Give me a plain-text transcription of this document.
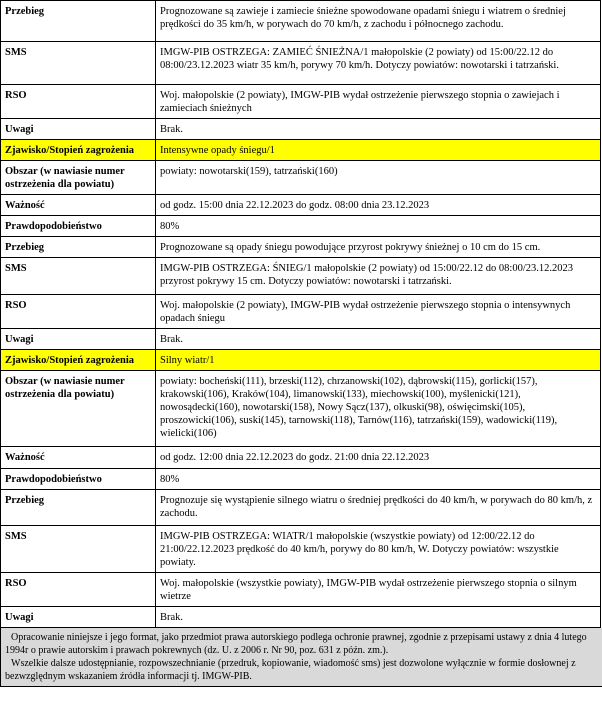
Przebieg	Prognozowane są zawieje i zamiecie śnieżne spowodowane opadami śniegu i wiatrem o średniej prędkości do 35 km/h, w porywach do 70 km/h, z zachodu i północnego zachodu.
SMS	IMGW-PIB OSTRZEGA: ZAMIEĆ ŚNIEŻNA/1 małopolskie (2 powiaty) od 15:00/22.12 do 08:00/23.12.2023 wiatr 35 km/h, porywy 70 km/h. Dotyczy powiatów: nowotarski i tatrzański.
RSO	Woj. małopolskie (2 powiaty), IMGW-PIB wydał ostrzeżenie pierwszego stopnia o zawiejach i zamieciach śnieżnych
Uwagi	Brak.
Zjawisko/Stopień zagrożenia	Intensywne opady śniegu/1
Obszar (w nawiasie numer ostrzeżenia dla powiatu)	powiaty: nowotarski(159), tatrzański(160)
Ważność	od godz. 15:00 dnia 22.12.2023 do godz. 08:00 dnia 23.12.2023
Prawdopodobieństwo	80%
Przebieg	Prognozowane są opady śniegu powodujące przyrost pokrywy śnieżnej o 10 cm do 15 cm.
SMS	IMGW-PIB OSTRZEGA: ŚNIEG/1 małopolskie (2 powiaty) od 15:00/22.12 do 08:00/23.12.2023 przyrost pokrywy 15 cm. Dotyczy powiatów: nowotarski i tatrzański.
RSO	Woj. małopolskie (2 powiaty), IMGW-PIB wydał ostrzeżenie pierwszego stopnia o intensywnych opadach śniegu
Uwagi	Brak.
Zjawisko/Stopień zagrożenia	Silny wiatr/1
Obszar (w nawiasie numer ostrzeżenia dla powiatu)	powiaty: bocheński(111), brzeski(112), chrzanowski(102), dąbrowski(115), gorlicki(157), krakowski(106), Kraków(104), limanowski(133), miechowski(100), myślenicki(121), nowosądecki(160), nowotarski(158), Nowy Sącz(137), olkuski(98), oświęcimski(105), proszowicki(106), suski(145), tarnowski(118), Tarnów(116), tatrzański(159), wadowicki(119), wielicki(106)
Ważność	od godz. 12:00 dnia 22.12.2023 do godz. 21:00 dnia 22.12.2023
Prawdopodobieństwo	80%
Przebieg	Prognozuje się wystąpienie silnego wiatru o średniej prędkości do 40 km/h, w porywach do 80 km/h, z zachodu.
SMS	IMGW-PIB OSTRZEGA: WIATR/1 małopolskie (wszystkie powiaty) od 12:00/22.12 do 21:00/22.12.2023 prędkość do 40 km/h, porywy do 80 km/h, W. Dotyczy powiatów: wszystkie powiaty.
RSO	Woj. małopolskie (wszystkie powiaty), IMGW-PIB wydał ostrzeżenie pierwszego stopnia o silnym wietrze
Uwagi	Brak.

Opracowanie niniejsze i jego format, jako przedmiot prawa autorskiego podlega ochronie prawnej, zgodnie z przepisami ustawy z dnia 4 lutego 1994r o prawie autorskim i prawach pokrewnych (dz. U. z 2006 r. Nr 90, poz. 631 z późn. zm.).

Wszelkie dalsze udostępnianie, rozpowszechnianie (przedruk, kopiowanie, wiadomość sms) jest dozwolone wyłącznie w formie dosłownej z bezwzględnym wskazaniem źródła informacji tj. IMGW-PIB.
